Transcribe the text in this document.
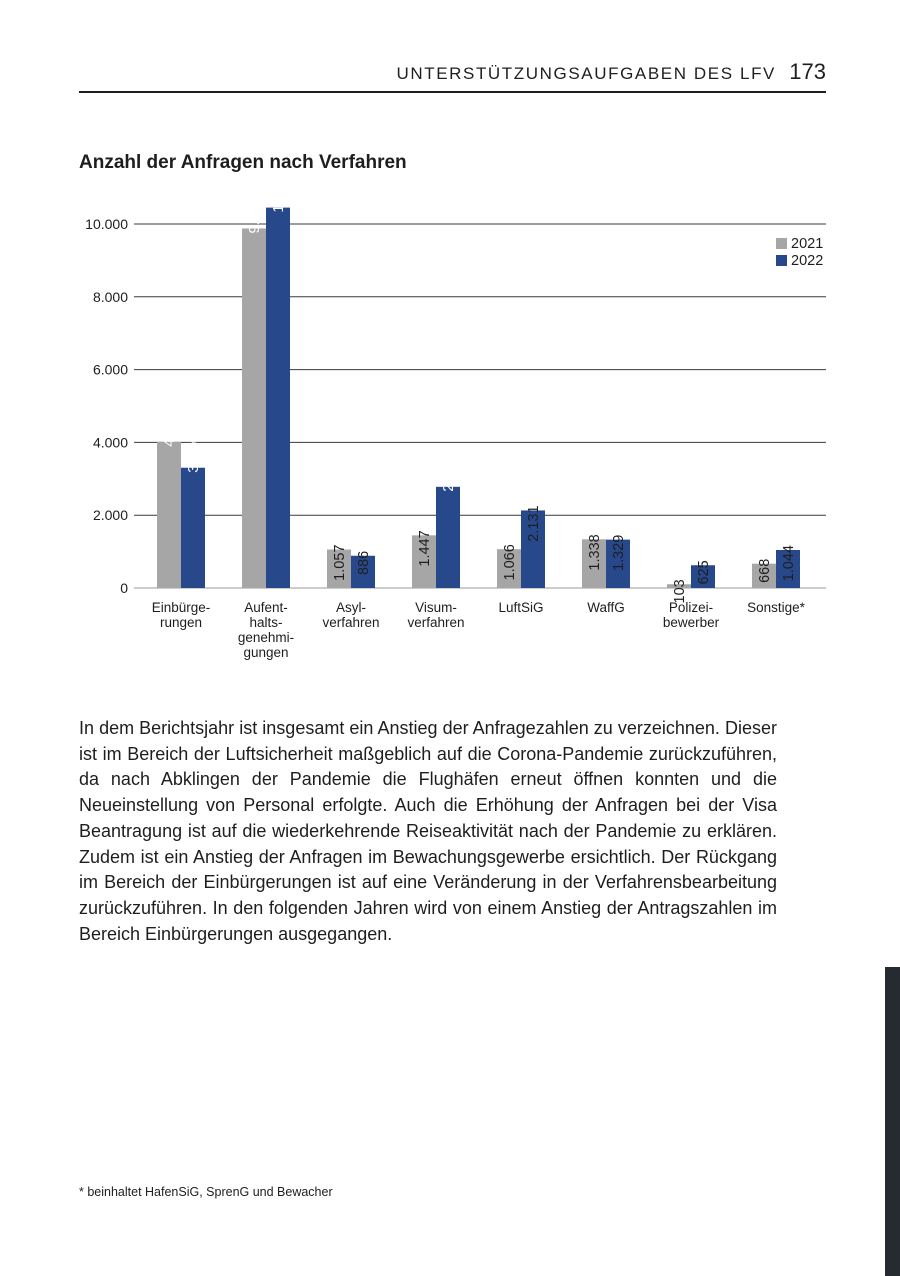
UNTERSTÜTZUNGSAUFGABEN DES LFV 173
Anzahl der Anfragen nach Verfahren
0
2.000
4.000
6.000
8.000
10.000
4.018
3.304
Einbürge-
rungen
9.878
10.451
Aufent-
halts-
genehmi-
gungen
1.057 886
Asyl-
verfahren
1.447
2.780
Visum-
verfahren
1.066
2.131
LuftSiG
1.338 1.329
WaffG
103
625
Polizei-
bewerber
668 1.044
Sonstige*
2021
2022
In dem Berichtsjahr ist insgesamt ein Anstieg der Anfragezahlen zu verzeichnen. Dieser ist im Bereich der Luftsicherheit maßgeblich auf die Corona-Pandemie zurückzuführen, da nach Abklingen der Pandemie die Flughäfen erneut öffnen konnten und die Neueinstellung von Personal erfolgte. Auch die Erhöhung der Anfragen bei der Visa Beantragung ist auf die wiederkehrende Reiseaktivität nach der Pandemie zu erklären. Zudem ist ein Anstieg der Anfragen im Bewachungsgewerbe ersichtlich. Der Rückgang im Bereich der Einbürgerungen ist auf eine Veränderung in der Verfahrensbearbeitung zurückzuführen. In den folgenden Jahren wird von einem Anstieg der Antragszahlen im Bereich Einbürgerungen ausgegangen.
* beinhaltet HafenSiG, SprenG und Bewacher
